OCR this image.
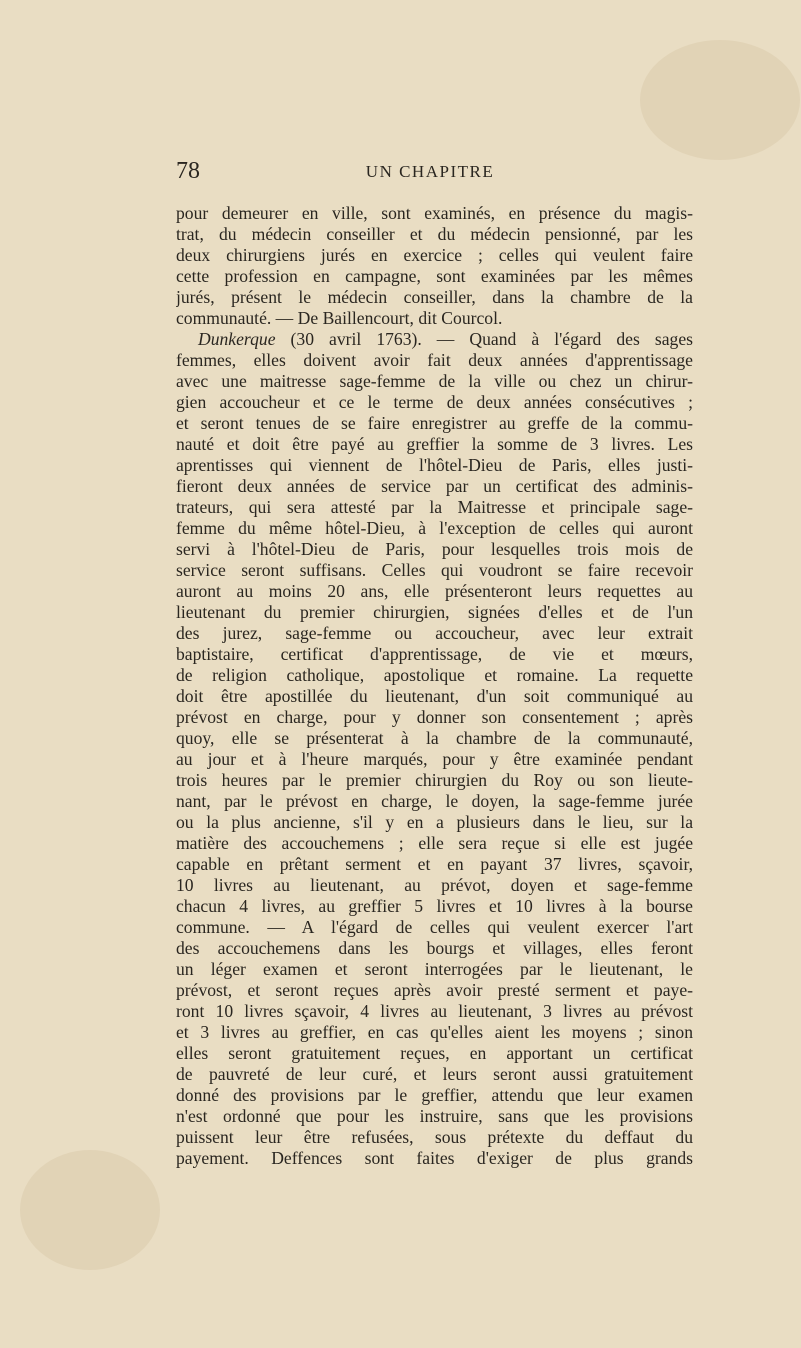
78	UN CHAPITRE
pour demeurer en ville, sont examinés, en présence du magis-
trat, du médecin conseiller et du médecin pensionné, par les
deux chirurgiens jurés en exercice ; celles qui veulent faire
cette profession en campagne, sont examinées par les mêmes
jurés, présent le médecin conseiller, dans la chambre de la
communauté. — De Baillencourt, dit Courcol.
Dunkerque (30 avril 1763). — Quand à l'égard des sages
femmes, elles doivent avoir fait deux années d'apprentissage
avec une maitresse sage-femme de la ville ou chez un chirur-
gien accoucheur et ce le terme de deux années consécutives ;
et seront tenues de se faire enregistrer au greffe de la commu-
nauté et doit être payé au greffier la somme de 3 livres. Les
aprentisses qui viennent de l'hôtel-Dieu de Paris, elles justi-
fieront deux années de service par un certificat des adminis-
trateurs, qui sera attesté par la Maitresse et principale sage-
femme du même hôtel-Dieu, à l'exception de celles qui auront
servi à l'hôtel-Dieu de Paris, pour lesquelles trois mois de
service seront suffisans. Celles qui voudront se faire recevoir
auront au moins 20 ans, elle présenteront leurs requettes au
lieutenant du premier chirurgien, signées d'elles et de l'un
des jurez, sage-femme ou accoucheur, avec leur extrait
baptistaire, certificat d'apprentissage, de vie et mœurs,
de religion catholique, apostolique et romaine. La requette
doit être apostillée du lieutenant, d'un soit communiqué au
prévost en charge, pour y donner son consentement ; après
quoy, elle se présenterat à la chambre de la communauté,
au jour et à l'heure marqués, pour y être examinée pendant
trois heures par le premier chirurgien du Roy ou son lieute-
nant, par le prévost en charge, le doyen, la sage-femme jurée
ou la plus ancienne, s'il y en a plusieurs dans le lieu, sur la
matière des accouchemens ; elle sera reçue si elle est jugée
capable en prêtant serment et en payant 37 livres, sçavoir,
10 livres au lieutenant, au prévot, doyen et sage-femme
chacun 4 livres, au greffier 5 livres et 10 livres à la bourse
commune. — A l'égard de celles qui veulent exercer l'art
des accouchemens dans les bourgs et villages, elles feront
un léger examen et seront interrogées par le lieutenant, le
prévost, et seront reçues après avoir presté serment et paye-
ront 10 livres sçavoir, 4 livres au lieutenant, 3 livres au prévost
et 3 livres au greffier, en cas qu'elles aient les moyens ; sinon
elles seront gratuitement reçues, en apportant un certificat
de pauvreté de leur curé, et leurs seront aussi gratuitement
donné des provisions par le greffier, attendu que leur examen
n'est ordonné que pour les instruire, sans que les provisions
puissent leur être refusées, sous prétexte du deffaut du
payement. Deffences sont faites d'exiger de plus grands
